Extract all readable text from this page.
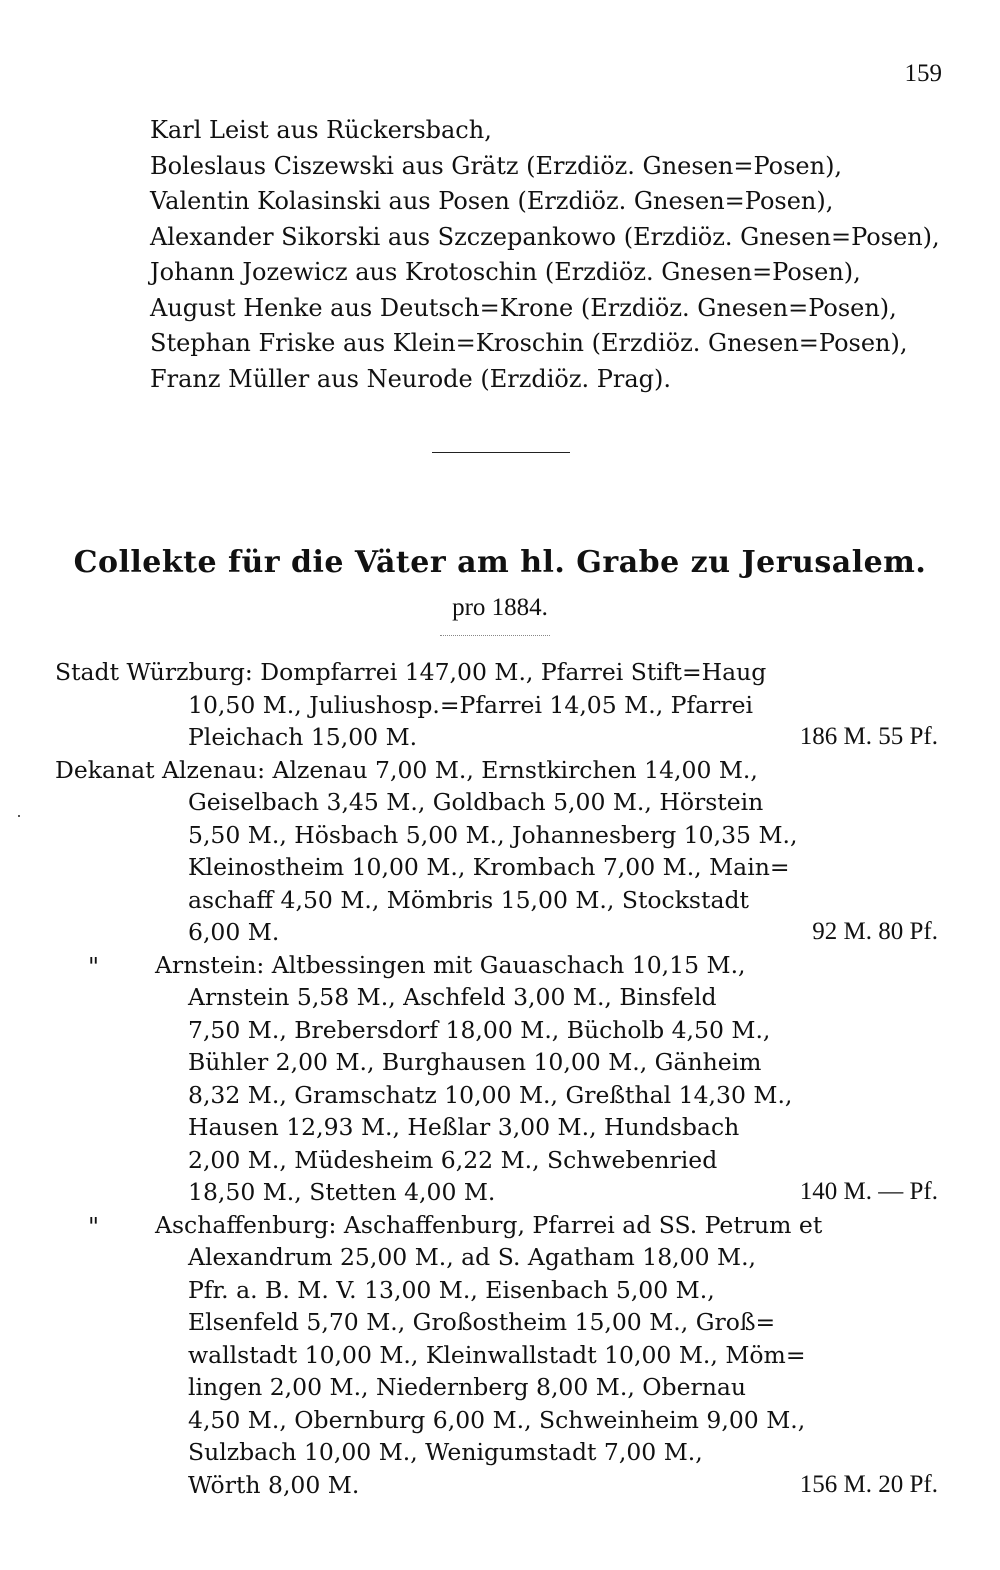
159
Karl Leist aus Rückersbach,
Boleslaus Ciszewski aus Grätz (Erzdiöz. Gnesen=Posen),
Valentin Kolasinski aus Posen (Erzdiöz. Gnesen=Posen),
Alexander Sikorski aus Szczepankowo (Erzdiöz. Gnesen=Posen),
Johann Jozewicz aus Krotoschin (Erzdiöz. Gnesen=Posen),
August Henke aus Deutsch=Krone (Erzdiöz. Gnesen=Posen),
Stephan Friske aus Klein=Kroschin (Erzdiöz. Gnesen=Posen),
Franz Müller aus Neurode (Erzdiöz. Prag).
Collekte für die Väter am hl. Grabe zu Jerusalem.
pro 1884.
Stadt Würzburg: Dompfarrei 147,00 M., Pfarrei Stift=Haug
10,50 M., Juliushosp.=Pfarrei 14,05 M., Pfarrei
Pleichach 15,00 M.	186 M. 55 Pf.
Dekanat Alzenau: Alzenau 7,00 M., Ernstkirchen 14,00 M.,
Geiselbach 3,45 M., Goldbach 5,00 M., Hörstein
5,50 M., Hösbach 5,00 M., Johannesberg 10,35 M.,
Kleinostheim 10,00 M., Krombach 7,00 M., Main=
aschaff 4,50 M., Mömbris 15,00 M., Stockstadt
6,00 M.	92 M. 80 Pf.
"	Arnstein: Altbessingen mit Gauaschach 10,15 M.,
Arnstein 5,58 M., Aschfeld 3,00 M., Binsfeld
7,50 M., Brebersdorf 18,00 M., Bücholb 4,50 M.,
Bühler 2,00 M., Burghausen 10,00 M., Gänheim
8,32 M., Gramschatz 10,00 M., Greßthal 14,30 M.,
Hausen 12,93 M., Heßlar 3,00 M., Hundsbach
2,00 M., Müdesheim 6,22 M., Schwebenried
18,50 M., Stetten 4,00 M.	140 M. — Pf.
"	Aschaffenburg: Aschaffenburg, Pfarrei ad SS. Petrum et
Alexandrum 25,00 M., ad S. Agatham 18,00 M.,
Pfr. a. B. M. V. 13,00 M., Eisenbach 5,00 M.,
Elsenfeld 5,70 M., Großostheim 15,00 M., Groß=
wallstadt 10,00 M., Kleinwallstadt 10,00 M., Möm=
lingen 2,00 M., Niedernberg 8,00 M., Obernau
4,50 M., Obernburg 6,00 M., Schweinheim 9,00 M.,
Sulzbach 10,00 M., Wenigumstadt 7,00 M.,
Wörth 8,00 M.	156 M. 20 Pf.
